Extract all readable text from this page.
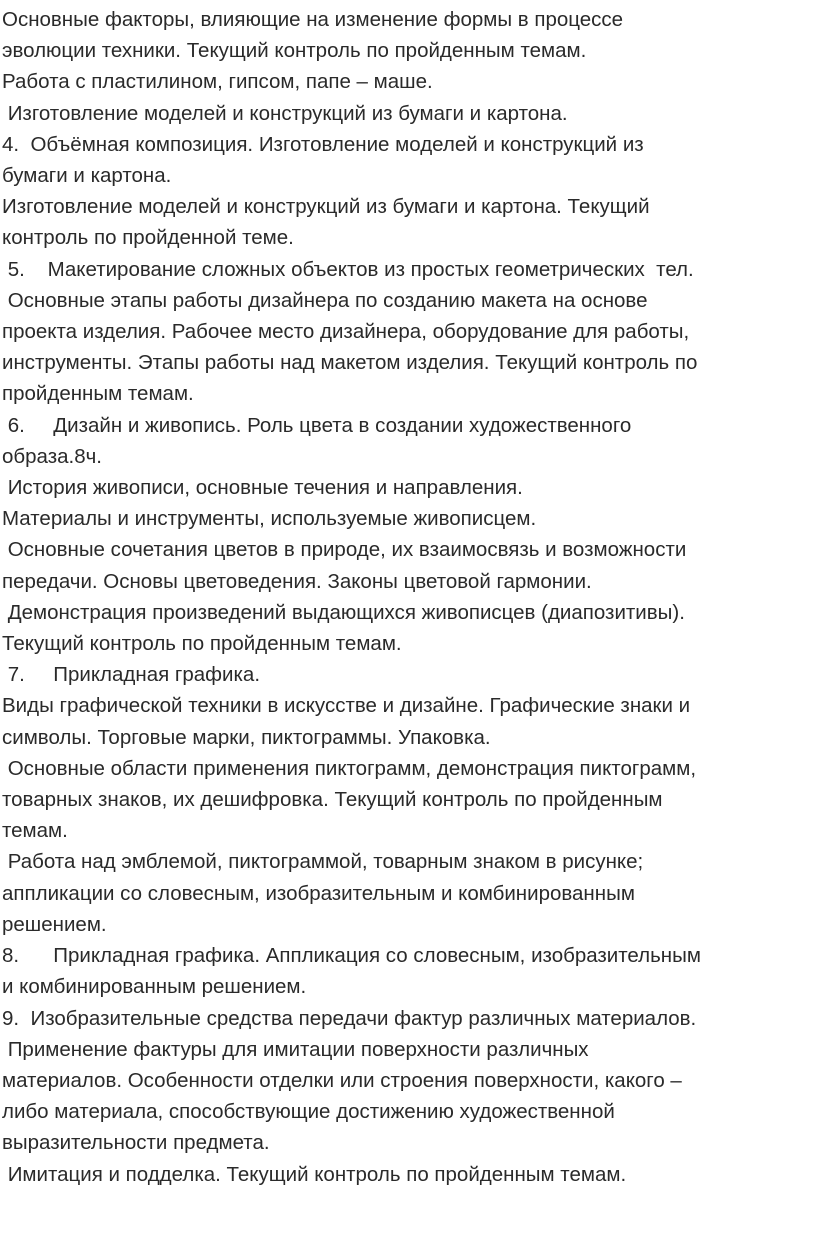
Основные факторы, влияющие на изменение формы в процессе
эволюции техники. Текущий контроль по пройденным темам.
Работа с пластилином, гипсом, папе – маше.
Изготовление моделей и конструкций из бумаги и картона.
4.  Объёмная композиция. Изготовление моделей и конструкций из
бумаги и картона.
Изготовление моделей и конструкций из бумаги и картона. Текущий
контроль по пройденной теме.
5.    Макетирование сложных объектов из простых геометрических  тел.
Основные этапы работы дизайнера по созданию макета на основе
проекта изделия. Рабочее место дизайнера, оборудование для работы,
инструменты. Этапы работы над макетом изделия. Текущий контроль по
пройденным темам.
6.     Дизайн и живопись. Роль цвета в создании художественного
образа.8ч.
История живописи, основные течения и направления.
Материалы и инструменты, используемые живописцем.
Основные сочетания цветов в природе, их взаимосвязь и возможности
передачи. Основы цветоведения. Законы цветовой гармонии.
Демонстрация произведений выдающихся живописцев (диапозитивы).
Текущий контроль по пройденным темам.
7.     Прикладная графика.
Виды графической техники в искусстве и дизайне. Графические знаки и
символы. Торговые марки, пиктограммы. Упаковка.
Основные области применения пиктограмм, демонстрация пиктограмм,
товарных знаков, их дешифровка. Текущий контроль по пройденным
темам.
Работа над эмблемой, пиктограммой, товарным знаком в рисунке;
аппликации со словесным, изобразительным и комбинированным
решением.
8.      Прикладная графика. Аппликация со словесным, изобразительным
и комбинированным решением.
9.  Изобразительные средства передачи фактур различных материалов.
Применение фактуры для имитации поверхности различных
материалов. Особенности отделки или строения поверхности, какого –
либо материала, способствующие достижению художественной
выразительности предмета.
Имитация и подделка. Текущий контроль по пройденным темам.
